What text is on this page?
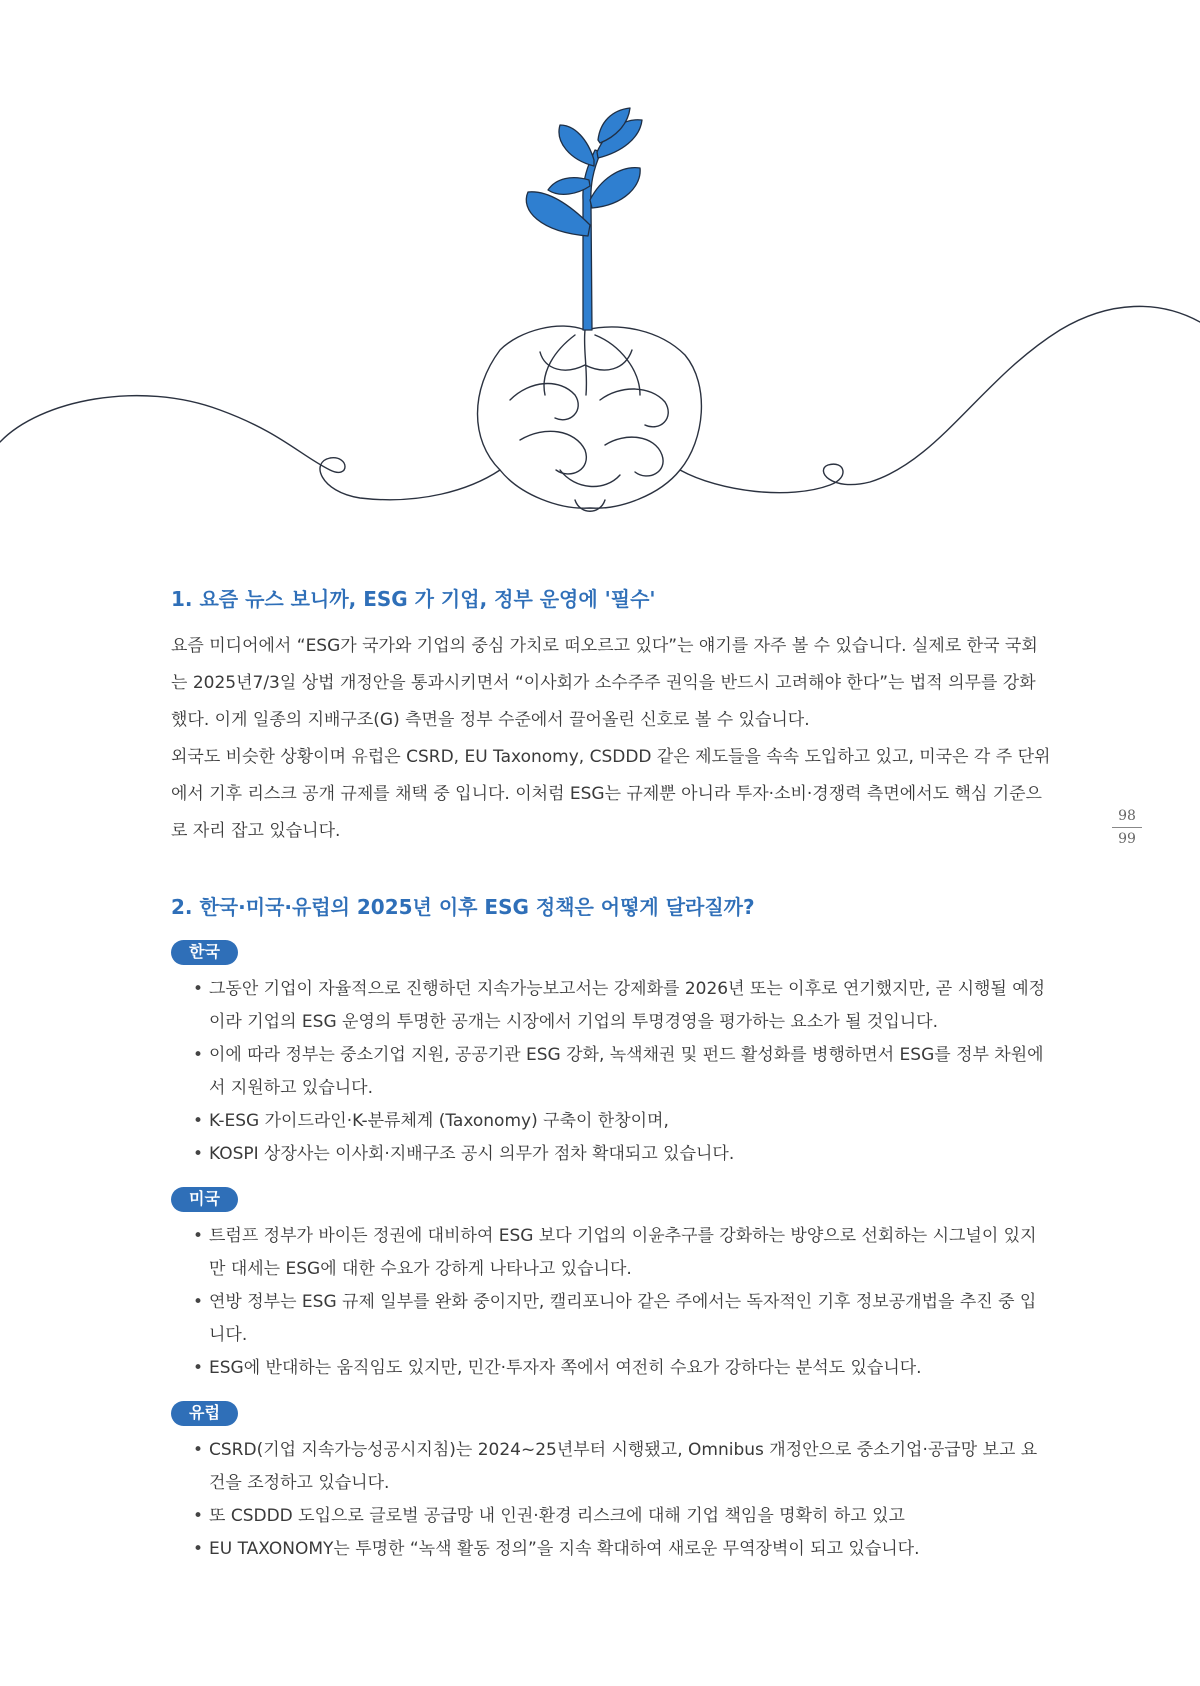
1. 요즘 뉴스 보니까, ESG 가 기업, 정부 운영에 '필수'

요즘 미디어에서 “ESG가 국가와 기업의 중심 가치로 떠오르고 있다”는 얘기를 자주 볼 수 있습니다. 실제로 한국 국회는 2025년7/3일 상법 개정안을 통과시키면서 “이사회가 소수주주 권익을 반드시 고려해야 한다”는 법적 의무를 강화했다. 이게 일종의 지배구조(G) 측면을 정부 수준에서 끌어올린 신호로 볼 수 있습니다.

외국도 비슷한 상황이며 유럽은 CSRD, EU Taxonomy, CSDDD 같은 제도들을 속속 도입하고 있고, 미국은 각 주 단위에서 기후 리스크 공개 규제를 채택 중 입니다. 이처럼 ESG는 규제뿐 아니라 투자·소비·경쟁력 측면에서도 핵심 기준으로 자리 잡고 있습니다.

2. 한국·미국·유럽의 2025년 이후 ESG 정책은 어떻게 달라질까?
한국
• 그동안 기업이 자율적으로 진행하던 지속가능보고서는 강제화를 2026년 또는 이후로 연기했지만, 곧 시행될 예정이라 기업의 ESG 운영의 투명한 공개는 시장에서 기업의 투명경영을 평가하는 요소가 될 것입니다.
• 이에 따라 정부는 중소기업 지원, 공공기관 ESG 강화, 녹색채권 및 펀드 활성화를 병행하면서 ESG를 정부 차원에서 지원하고 있습니다.
• K-ESG 가이드라인·K-분류체계 (Taxonomy) 구축이 한창이며,
• KOSPI 상장사는 이사회·지배구조 공시 의무가 점차 확대되고 있습니다.
미국
• 트럼프 정부가 바이든 정권에 대비하여 ESG 보다 기업의 이윤추구를 강화하는 방양으로 선회하는 시그널이 있지만 대세는 ESG에 대한 수요가 강하게 나타나고 있습니다.
• 연방 정부는 ESG 규제 일부를 완화 중이지만, 캘리포니아 같은 주에서는 독자적인 기후 정보공개법을 추진 중 입니다.
• ESG에 반대하는 움직임도 있지만, 민간·투자자 쪽에서 여전히 수요가 강하다는 분석도 있습니다.
유럽
• CSRD(기업 지속가능성공시지침)는 2024~25년부터 시행됐고, Omnibus 개정안으로 중소기업·공급망 보고 요건을 조정하고 있습니다.
• 또 CSDDD 도입으로 글로벌 공급망 내 인권·환경 리스크에 대해 기업 책임을 명확히 하고 있고
• EU TAXONOMY는 투명한 “녹색 활동 정의”을 지속 확대하여 새로운 무역장벽이 되고 있습니다.
98
99
